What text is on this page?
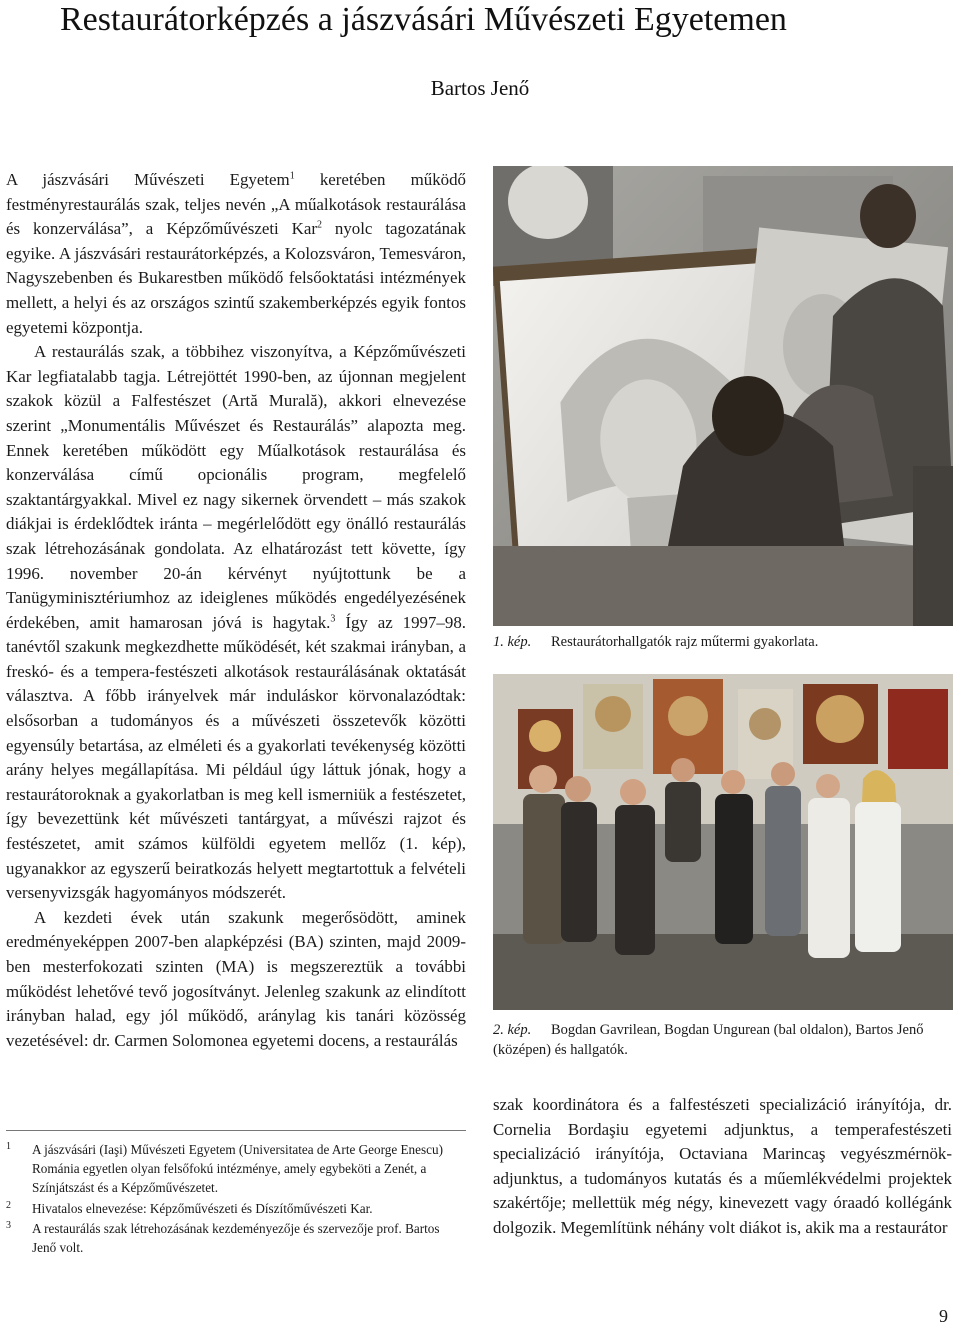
Restaurátorképzés a jászvásári Művészeti Egyetemen
Bartos Jenő

A jászvásári Művészeti Egyetem$^1$ keretében működő festményrestaurálás szak, teljes nevén „A műalkotások restaurálása és konzerválása”, a Képzőművészeti Kar$^2$ nyolc tagozatának egyike. A jászvásári restaurátorképzés, a Kolozsváron, Temesváron, Nagyszebenben és Bukarestben működő felsőoktatási intézmények mellett, a helyi és az országos szintű szakemberképzés egyik fontos egyetemi központja.

A restaurálás szak, a többihez viszonyítva, a Képzőművészeti Kar legfiatalabb tagja. Létrejöttét 1990-ben, az újonnan megjelent szakok közül a Falfestészet (Artă Murală), akkori elnevezése szerint „Monumentális Művészet és Restaurálás” alapozta meg. Ennek keretében működött egy Műalkotások restaurálása és konzerválása című opcionális program, megfelelő szaktantárgyakkal. Mivel ez nagy sikernek örvendett – más szakok diákjai is érdeklődtek iránta – megérlelődött egy önálló restaurálás szak létrehozásának gondolata. Az elhatározást tett követte, így 1996. november 20-án kérvényt nyújtottunk be a Tanügyminisztériumhoz az ideiglenes működés engedélyezésének érdekében, amit hamarosan jóvá is hagytak.$^3$ Így az 1997–98. tanévtől szakunk megkezdhette működését, két szakmai irányban, a freskó- és a tempera-festészeti alkotások restaurálásának oktatását választva. A főbb irányelvek már induláskor körvonalazódtak: elsősorban a tudományos és a művészeti összetevők közötti egyensúly betartása, az elméleti és a gyakorlati tevékenység közötti arány helyes megállapítása. Mi például úgy láttuk jónak, hogy a restaurátoroknak a gyakorlatban is meg kell ismerniük a festészetet, így bevezettünk két művészeti tantárgyat, a művészi rajzot és festészetet, amit számos külföldi egyetem mellőz (1. kép), ugyanakkor az egyszerű beiratkozás helyett megtartottuk a felvételi versenyvizsgák hagyományos módszerét.

A kezdeti évek után szakunk megerősödött, aminek eredményeképpen 2007-ben alapképzési (BA) szinten, majd 2009-ben mesterfokozati szinten (MA) is megszereztük a további működést lehetővé tevő jogosítványt. Jelenleg szakunk az elindított irányban halad, egy jól működő, aránylag kis tanári közösség vezetésével: dr. Carmen Solomonea egyetemi docens, a restaurálás

1. kép. Restaurátorhallgatók rajz műtermi gyakorlata.
2. kép. Bogdan Gavrilean, Bogdan Ungurean (bal oldalon), Bartos Jenő (középen) és hallgatók.

szak koordinátora és a falfestészeti specializáció irányítója, dr. Cornelia Bordaşiu egyetemi adjunktus, a temperafestészeti specializáció irányítója, Octaviana Marincaş vegyészmérnök-adjunktus, a tudományos kutatás és a műemlékvédelmi projektek szakértője; mellettük még négy, kinevezett vagy óraadó kollégánk dolgozik. Megemlítünk néhány volt diákot is, akik ma a restaurátor

1 A jászvásári (Iaşi) Művészeti Egyetem (Universitatea de Arte George Enescu) Románia egyetlen olyan felsőfokú intézménye, amely egybeköti a Zenét, a Színjátszást és a Képzőművészetet.
2 Hivatalos elnevezése: Képzőművészeti és Díszítőművészeti Kar.
3 A restaurálás szak létrehozásának kezdeményezője és szervezője prof. Bartos Jenő volt.
9
